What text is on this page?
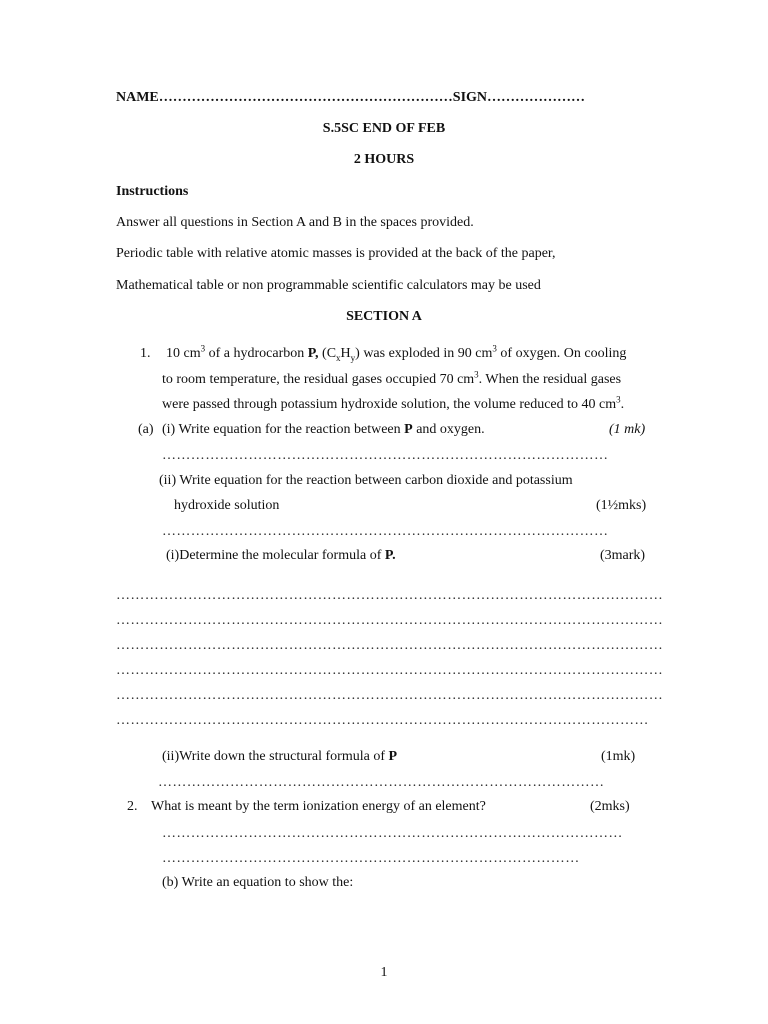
NAME………………………………………………………SIGN…………………
S.5SC END OF FEB
2 HOURS
Instructions
Answer all questions in Section A and B in the spaces provided.
Periodic table with relative atomic masses is provided at the back of the paper,
Mathematical table or non programmable scientific calculators may be used
SECTION A
1. 10 $cm^3$ of a hydrocarbon P, $(C_xH_y)$ was exploded in 90 $cm^3$ of oxygen. On cooling
to room temperature, the residual gases occupied 70 $cm^3$. When the residual gases
were passed through potassium hydroxide solution, the volume reduced to 40 $cm^3$.
(a) (i) Write equation for the reaction between P and oxygen.	(1 mk)
…………………………………………………………………………………
(ii) Write equation for the reaction between carbon dioxide and potassium
hydroxide solution	(1½mks)
…………………………………………………………………………………
(i)Determine the molecular formula of P.	(3mark)
……………………………………………………………………………………………………
……………………………………………………………………………………………………
……………………………………………………………………………………………………
……………………………………………………………………………………………………
……………………………………………………………………………………………………
…………………………………………………………………………………………………
(ii)Write down the structural formula of P	(1mk)
…………………………………………………………………………………
2. What is meant by the term ionization energy of an element?	(2mks)
……………………………………………………………………………………
……………………………………………………………………………
(b) Write an equation to show the:
1
